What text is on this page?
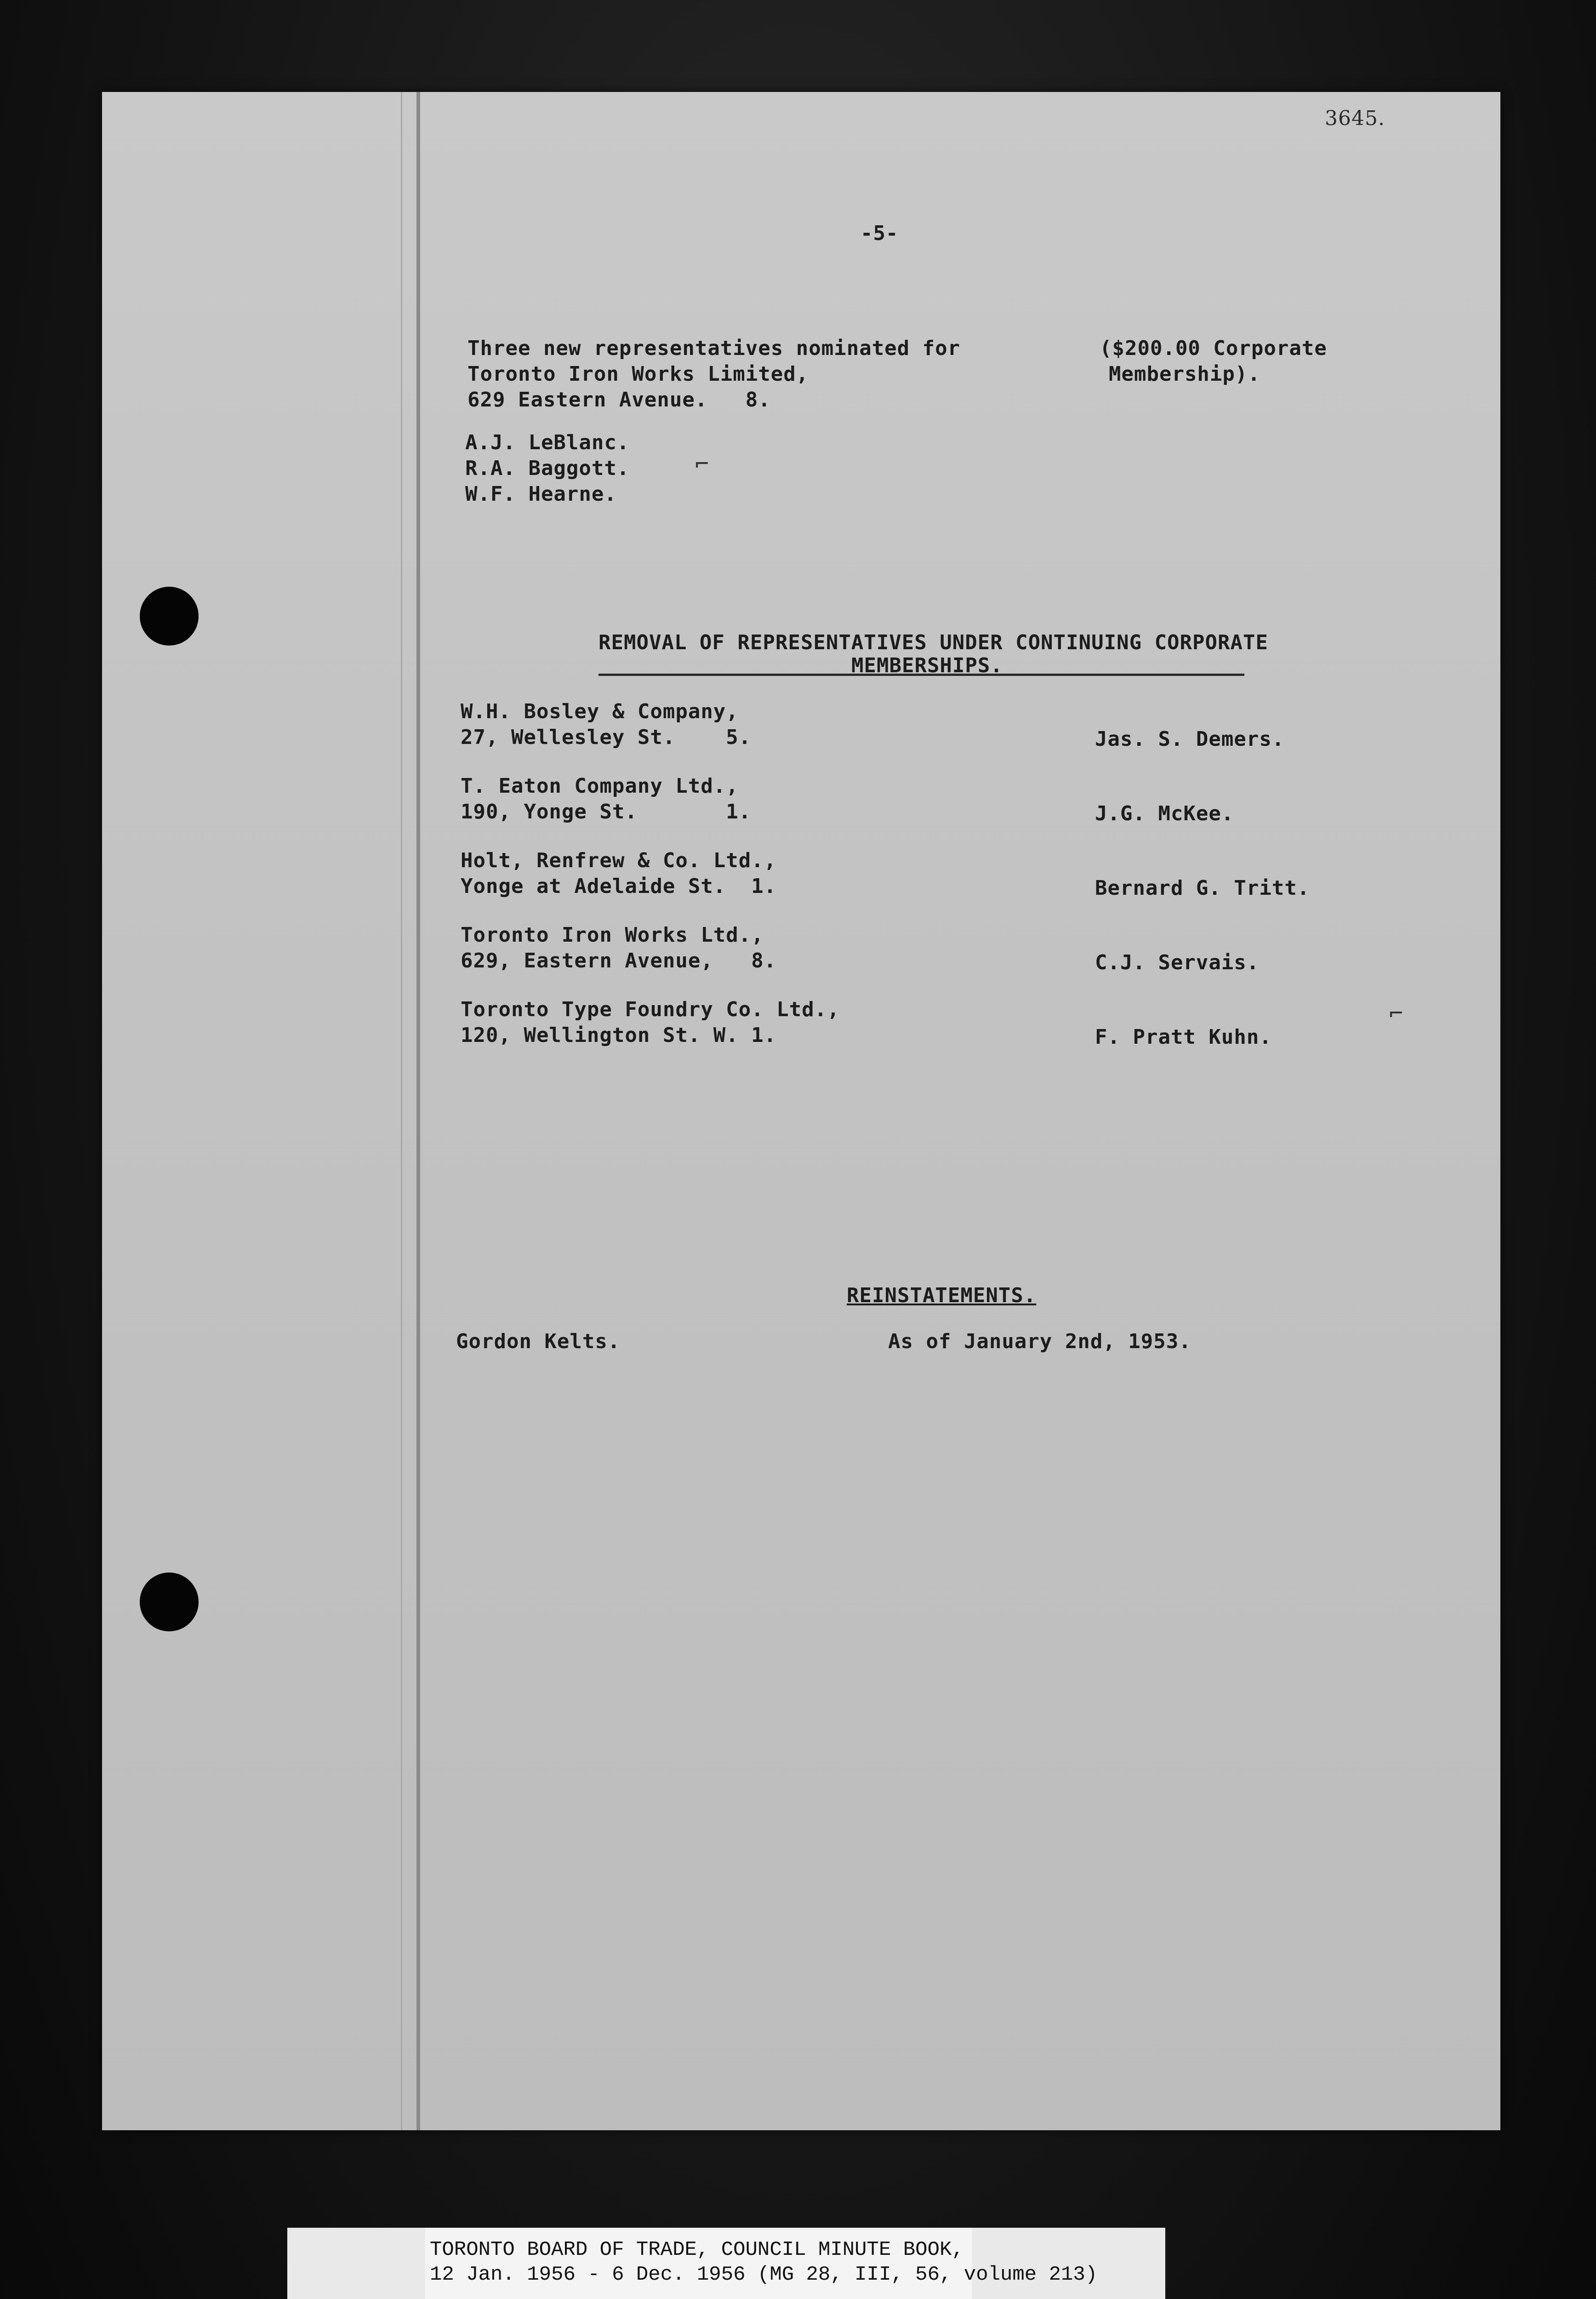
3645.
-5-
Three new representatives nominated for
Toronto Iron Works Limited,
629 Eastern Avenue.   8.
($200.00 Corporate
Membership).
A.J. LeBlanc.
R.A. Baggott.
W.F. Hearne.
⌐
REMOVAL OF REPRESENTATIVES UNDER CONTINUING CORPORATE
MEMBERSHIPS.
W.H. Bosley & Company,
27, Wellesley St.    5.	Jas. S. Demers.
T. Eaton Company Ltd.,
190, Yonge St.       1.	J.G. McKee.
Holt, Renfrew & Co. Ltd.,
Yonge at Adelaide St.  1.	Bernard G. Tritt.
Toronto Iron Works Ltd.,
629, Eastern Avenue,   8.	C.J. Servais.
Toronto Type Foundry Co. Ltd.,
120, Wellington St. W. 1.	F. Pratt Kuhn.
⌐
REINSTATEMENTS.
Gordon Kelts.	As of January 2nd, 1953.
TORONTO BOARD OF TRADE, COUNCIL MINUTE BOOK,
12 Jan. 1956 - 6 Dec. 1956 (MG 28, III, 56, volume 213)
